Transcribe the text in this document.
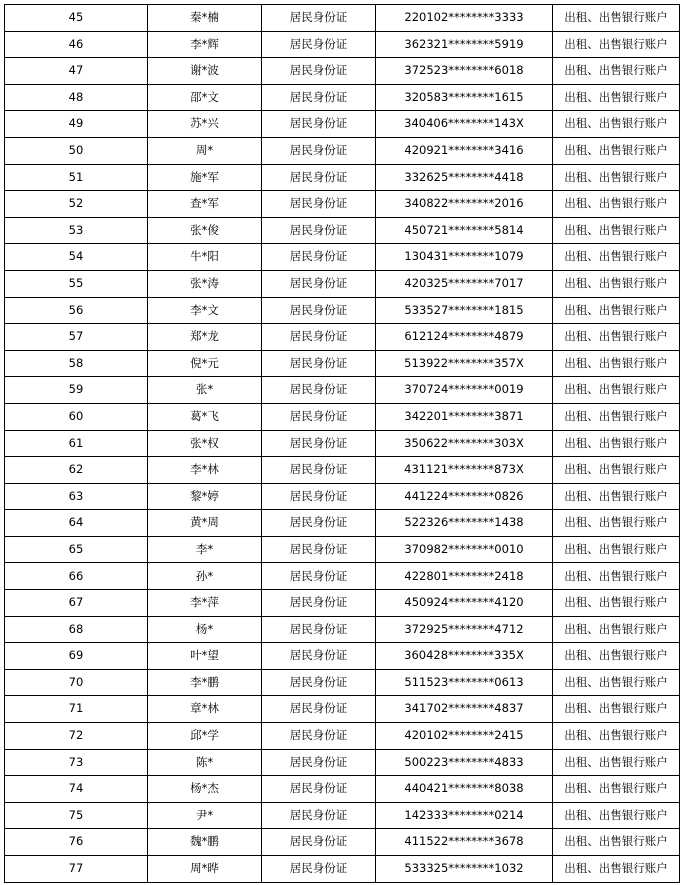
45	秦*楠	居民身份证	220102********3333	出租、出售银行账户
46	李*辉	居民身份证	362321********5919	出租、出售银行账户
47	谢*波	居民身份证	372523********6018	出租、出售银行账户
48	邵*文	居民身份证	320583********1615	出租、出售银行账户
49	苏*兴	居民身份证	340406********143X	出租、出售银行账户
50	周*	居民身份证	420921********3416	出租、出售银行账户
51	施*军	居民身份证	332625********4418	出租、出售银行账户
52	查*军	居民身份证	340822********2016	出租、出售银行账户
53	张*俊	居民身份证	450721********5814	出租、出售银行账户
54	牛*阳	居民身份证	130431********1079	出租、出售银行账户
55	张*涛	居民身份证	420325********7017	出租、出售银行账户
56	李*文	居民身份证	533527********1815	出租、出售银行账户
57	郑*龙	居民身份证	612124********4879	出租、出售银行账户
58	倪*元	居民身份证	513922********357X	出租、出售银行账户
59	张*	居民身份证	370724********0019	出租、出售银行账户
60	葛*飞	居民身份证	342201********3871	出租、出售银行账户
61	张*权	居民身份证	350622********303X	出租、出售银行账户
62	李*林	居民身份证	431121********873X	出租、出售银行账户
63	黎*婷	居民身份证	441224********0826	出租、出售银行账户
64	黄*周	居民身份证	522326********1438	出租、出售银行账户
65	李*	居民身份证	370982********0010	出租、出售银行账户
66	孙*	居民身份证	422801********2418	出租、出售银行账户
67	李*萍	居民身份证	450924********4120	出租、出售银行账户
68	杨*	居民身份证	372925********4712	出租、出售银行账户
69	叶*望	居民身份证	360428********335X	出租、出售银行账户
70	李*鹏	居民身份证	511523********0613	出租、出售银行账户
71	章*林	居民身份证	341702********4837	出租、出售银行账户
72	邱*学	居民身份证	420102********2415	出租、出售银行账户
73	陈*	居民身份证	500223********4833	出租、出售银行账户
74	杨*杰	居民身份证	440421********8038	出租、出售银行账户
75	尹*	居民身份证	142333********0214	出租、出售银行账户
76	魏*鹏	居民身份证	411522********3678	出租、出售银行账户
77	周*晔	居民身份证	533325********1032	出租、出售银行账户
